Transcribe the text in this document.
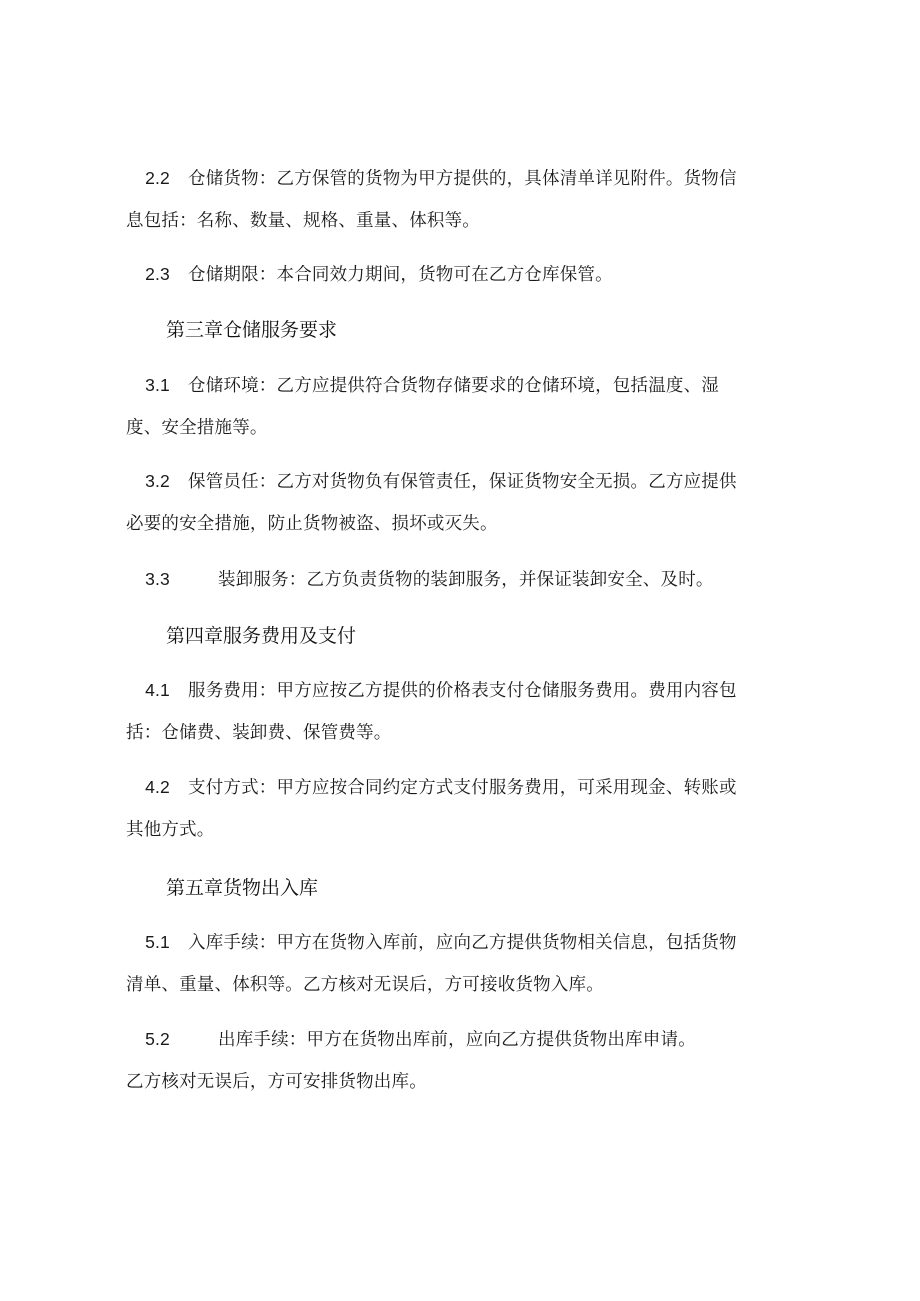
2.2 仓储货物：乙方保管的货物为甲方提供的，具体清单详见附件。货物信
息包括：名称、数量、规格、重量、体积等。
2.3 仓储期限：本合同效力期间，货物可在乙方仓库保管。
第三章仓储服务要求
3.1 仓储环境：乙方应提供符合货物存储要求的仓储环境，包括温度、湿
度、安全措施等。
3.2 保管员任：乙方对货物负有保管责任，保证货物安全无损。乙方应提供
必要的安全措施，防止货物被盗、损坏或灭失。
3.3	装卸服务：乙方负责货物的装卸服务，并保证装卸安全、及时。
第四章服务费用及支付
4.1 服务费用：甲方应按乙方提供的价格表支付仓储服务费用。费用内容包
括：仓储费、装卸费、保管费等。
4.2 支付方式：甲方应按合同约定方式支付服务费用，可采用现金、转账或
其他方式。
第五章货物出入库
5.1 入库手续：甲方在货物入库前，应向乙方提供货物相关信息，包括货物
清单、重量、体积等。乙方核对无误后，方可接收货物入库。
5.2	出库手续：甲方在货物出库前，应向乙方提供货物出库申请。
乙方核对无误后，方可安排货物出库。
